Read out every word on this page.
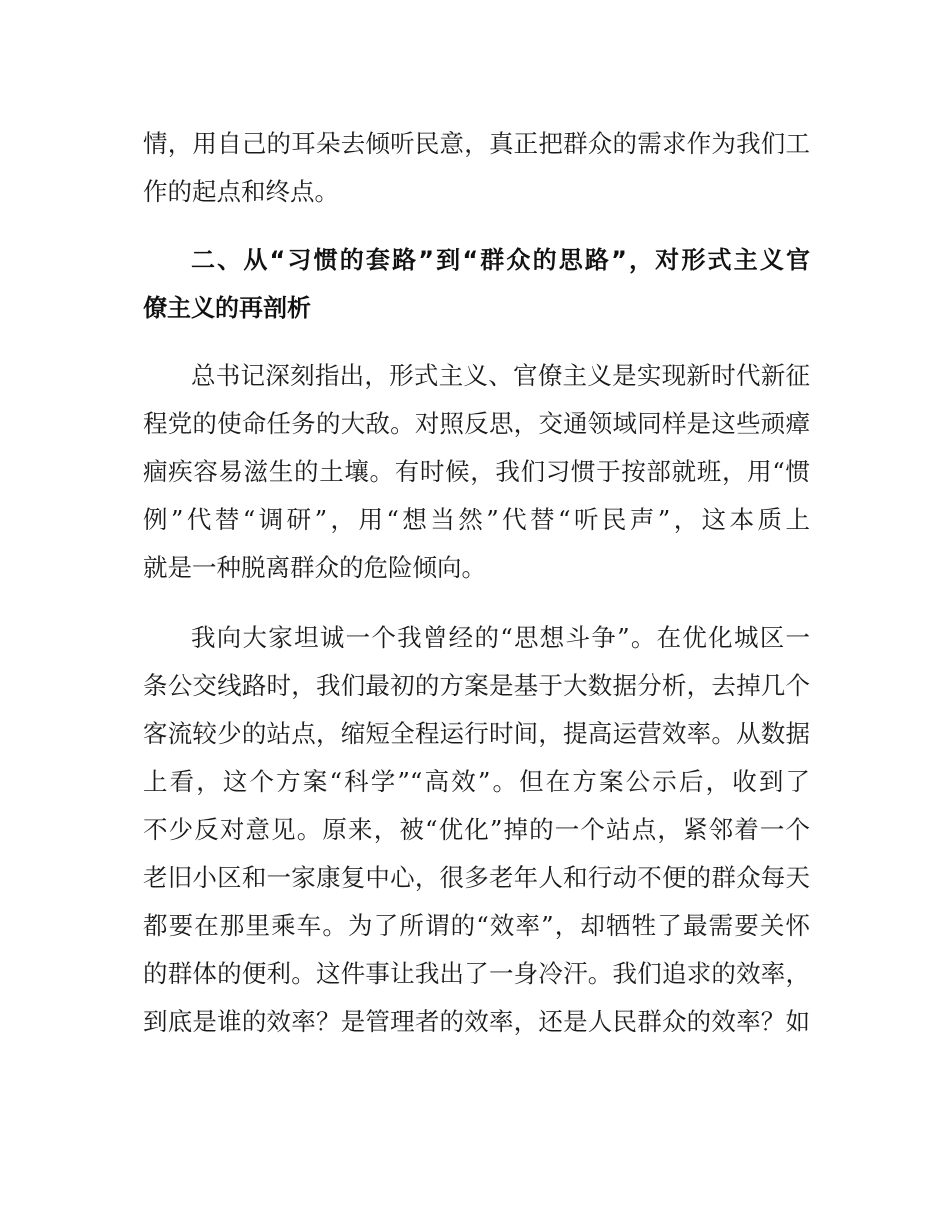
情，用自己的耳朵去倾听民意，真正把群众的需求作为我们工

作的起点和终点。

二、从“习惯的套路”到“群众的思路”，对形式主义官

僚主义的再剖析

总书记深刻指出，形式主义、官僚主义是实现新时代新征

程党的使命任务的大敌。对照反思，交通领域同样是这些顽瘴

痼疾容易滋生的土壤。有时候，我们习惯于按部就班，用“惯

例”代替“调研”，用“想当然”代替“听民声”，这本质上

就是一种脱离群众的危险倾向。

我向大家坦诚一个我曾经的“思想斗争”。在优化城区一

条公交线路时，我们最初的方案是基于大数据分析，去掉几个

客流较少的站点，缩短全程运行时间，提高运营效率。从数据

上看，这个方案“科学”“高效”。但在方案公示后，收到了

不少反对意见。原来，被“优化”掉的一个站点，紧邻着一个

老旧小区和一家康复中心，很多老年人和行动不便的群众每天

都要在那里乘车。为了所谓的“效率”，却牺牲了最需要关怀

的群体的便利。这件事让我出了一身冷汗。我们追求的效率，

到底是谁的效率？是管理者的效率，还是人民群众的效率？如
